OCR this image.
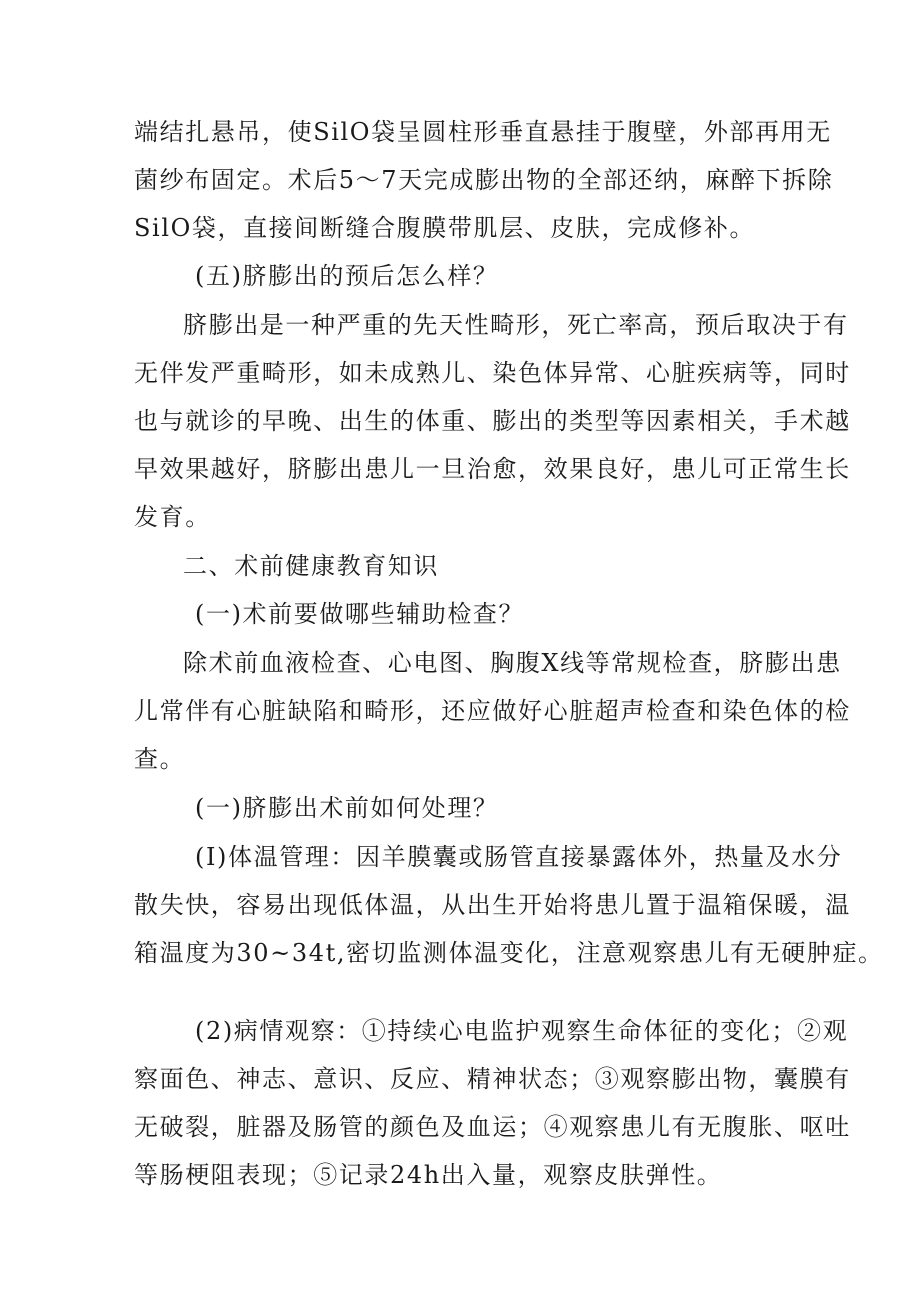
端结扎悬吊，使SilO袋呈圆柱形垂直悬挂于腹壁，外部再用无
菌纱布固定。术后5～7天完成膨出物的全部还纳，麻醉下拆除
SilO袋，直接间断缝合腹膜带肌层、皮肤，完成修补。
(五)脐膨出的预后怎么样？
脐膨出是一种严重的先天性畸形，死亡率高，预后取决于有
无伴发严重畸形，如未成熟儿、染色体异常、心脏疾病等，同时
也与就诊的早晚、出生的体重、膨出的类型等因素相关，手术越
早效果越好，脐膨出患儿一旦治愈，效果良好，患儿可正常生长
发育。
二、术前健康教育知识
(一)术前要做哪些辅助检查？
除术前血液检查、心电图、胸腹X线等常规检查，脐膨出患
儿常伴有心脏缺陷和畸形，还应做好心脏超声检查和染色体的检
查。
(一)脐膨出术前如何处理？
(I)体温管理：因羊膜囊或肠管直接暴露体外，热量及水分
散失快，容易出现低体温，从出生开始将患儿置于温箱保暖，温
箱温度为30~34t,密切监测体温变化，注意观察患儿有无硬肿症。
(2)病情观察：①持续心电监护观察生命体征的变化；②观
察面色、神志、意识、反应、精神状态；③观察膨出物，囊膜有
无破裂，脏器及肠管的颜色及血运；④观察患儿有无腹胀、呕吐
等肠梗阻表现；⑤记录24h出入量，观察皮肤弹性。
